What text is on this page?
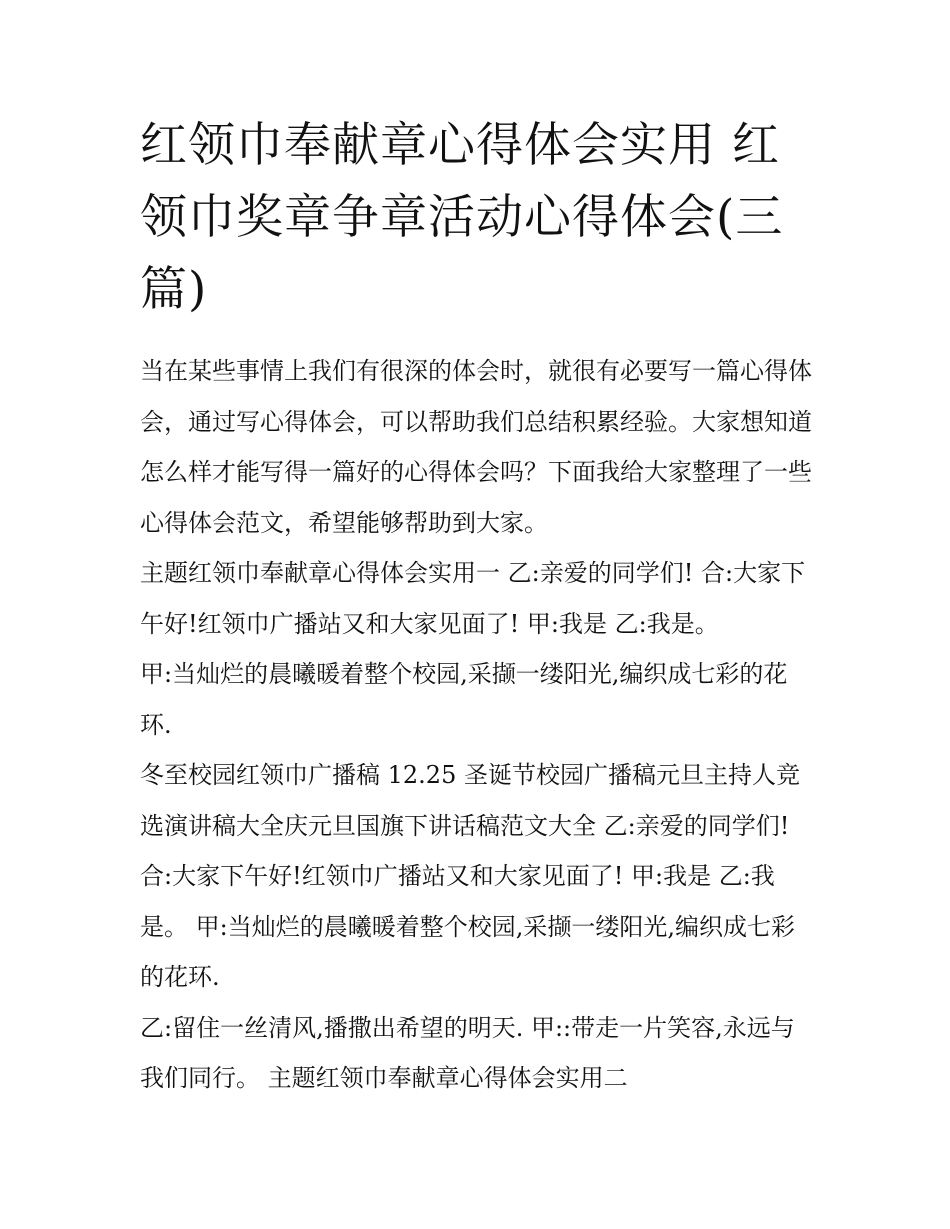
红领巾奉献章心得体会实用 红领巾奖章争章活动心得体会(三篇)

当在某些事情上我们有很深的体会时，就很有必要写一篇心得体会，通过写心得体会，可以帮助我们总结积累经验。大家想知道怎么样才能写得一篇好的心得体会吗？下面我给大家整理了一些心得体会范文，希望能够帮助到大家。

主题红领巾奉献章心得体会实用一 乙:亲爱的同学们! 合:大家下午好!红领巾广播站又和大家见面了! 甲:我是 乙:我是。

甲:当灿烂的晨曦暖着整个校园,采撷一缕阳光,编织成七彩的花环.

冬至校园红领巾广播稿 12.25 圣诞节校园广播稿元旦主持人竞选演讲稿大全庆元旦国旗下讲话稿范文大全 乙:亲爱的同学们! 合:大家下午好!红领巾广播站又和大家见面了! 甲:我是 乙:我是。 甲:当灿烂的晨曦暖着整个校园,采撷一缕阳光,编织成七彩的花环.

乙:留住一丝清风,播撒出希望的明天. 甲::带走一片笑容,永远与我们同行。 主题红领巾奉献章心得体会实用二
